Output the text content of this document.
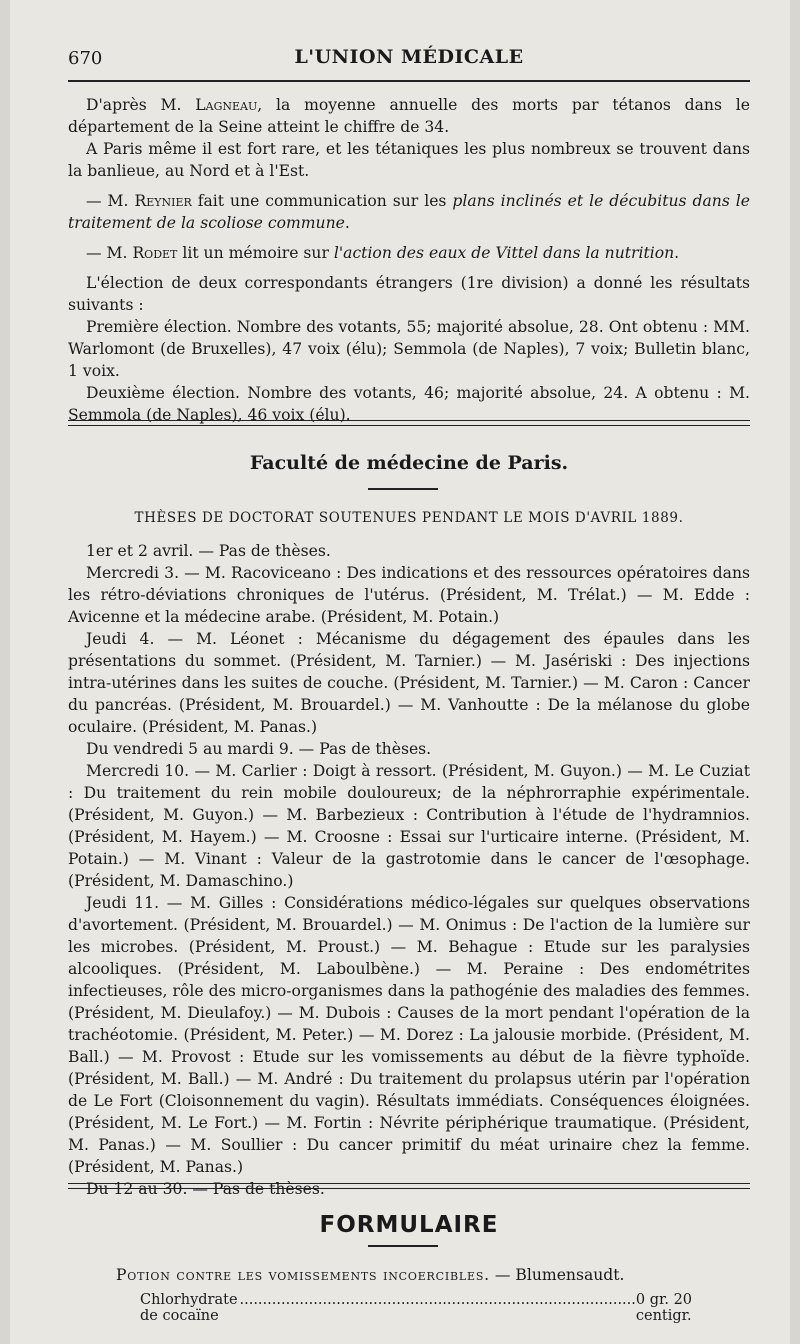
670	L'UNION MÉDICALE

D'après M. Lagneau, la moyenne annuelle des morts par tétanos dans le département de la Seine atteint le chiffre de 34.

A Paris même il est fort rare, et les tétaniques les plus nombreux se trouvent dans la banlieue, au Nord et à l'Est.

— M. Reynier fait une communication sur les plans inclinés et le décubitus dans le traitement de la scoliose commune.

— M. Rodet lit un mémoire sur l'action des eaux de Vittel dans la nutrition.

L'élection de deux correspondants étrangers (1re division) a donné les résultats suivants :

Première élection. Nombre des votants, 55; majorité absolue, 28. Ont obtenu : MM. Warlomont (de Bruxelles), 47 voix (élu); Semmola (de Naples), 7 voix; Bulletin blanc, 1 voix.

Deuxième élection. Nombre des votants, 46; majorité absolue, 24. A obtenu : M. Semmola (de Naples), 46 voix (élu).

Faculté de médecine de Paris.
THÈSES DE DOCTORAT SOUTENUES PENDANT LE MOIS D'AVRIL 1889.

1er et 2 avril. — Pas de thèses.

Mercredi 3. — M. Racoviceano : Des indications et des ressources opératoires dans les rétro-déviations chroniques de l'utérus. (Président, M. Trélat.) — M. Edde : Avicenne et la médecine arabe. (Président, M. Potain.)

Jeudi 4. — M. Léonet : Mécanisme du dégagement des épaules dans les présentations du sommet. (Président, M. Tarnier.) — M. Jasériski : Des injections intra-utérines dans les suites de couche. (Président, M. Tarnier.) — M. Caron : Cancer du pancréas. (Président, M. Brouardel.) — M. Vanhoutte : De la mélanose du globe oculaire. (Président, M. Panas.)

Du vendredi 5 au mardi 9. — Pas de thèses.

Mercredi 10. — M. Carlier : Doigt à ressort. (Président, M. Guyon.) — M. Le Cuziat : Du traitement du rein mobile douloureux; de la néphrorraphie expérimentale. (Président, M. Guyon.) — M. Barbezieux : Contribution à l'étude de l'hydramnios. (Président, M. Hayem.) — M. Croosne : Essai sur l'urticaire interne. (Président, M. Potain.) — M. Vinant : Valeur de la gastrotomie dans le cancer de l'œsophage. (Président, M. Damaschino.)

Jeudi 11. — M. Gilles : Considérations médico-légales sur quelques observations d'avortement. (Président, M. Brouardel.) — M. Onimus : De l'action de la lumière sur les microbes. (Président, M. Proust.) — M. Behague : Etude sur les paralysies alcooliques. (Président, M. Laboulbène.) — M. Peraine : Des endométrites infectieuses, rôle des micro-organismes dans la pathogénie des maladies des femmes. (Président, M. Dieulafoy.) — M. Dubois : Causes de la mort pendant l'opération de la trachéotomie. (Président, M. Peter.) — M. Dorez : La jalousie morbide. (Président, M. Ball.) — M. Provost : Etude sur les vomissements au début de la fièvre typhoïde. (Président, M. Ball.) — M. André : Du traitement du prolapsus utérin par l'opération de Le Fort (Cloisonnement du vagin). Résultats immédiats. Conséquences éloignées. (Président, M. Le Fort.) — M. Fortin : Névrite périphérique traumatique. (Président, M. Panas.) — M. Soullier : Du cancer primitif du méat urinaire chez la femme. (Président, M. Panas.)

Du 12 au 30. — Pas de thèses.

FORMULAIRE
Potion contre les vomissements incoercibles. — Blumensaudt.
Chlorhydrate de cocaïne
...................................................................................... 0 gr. 20 centigr.
